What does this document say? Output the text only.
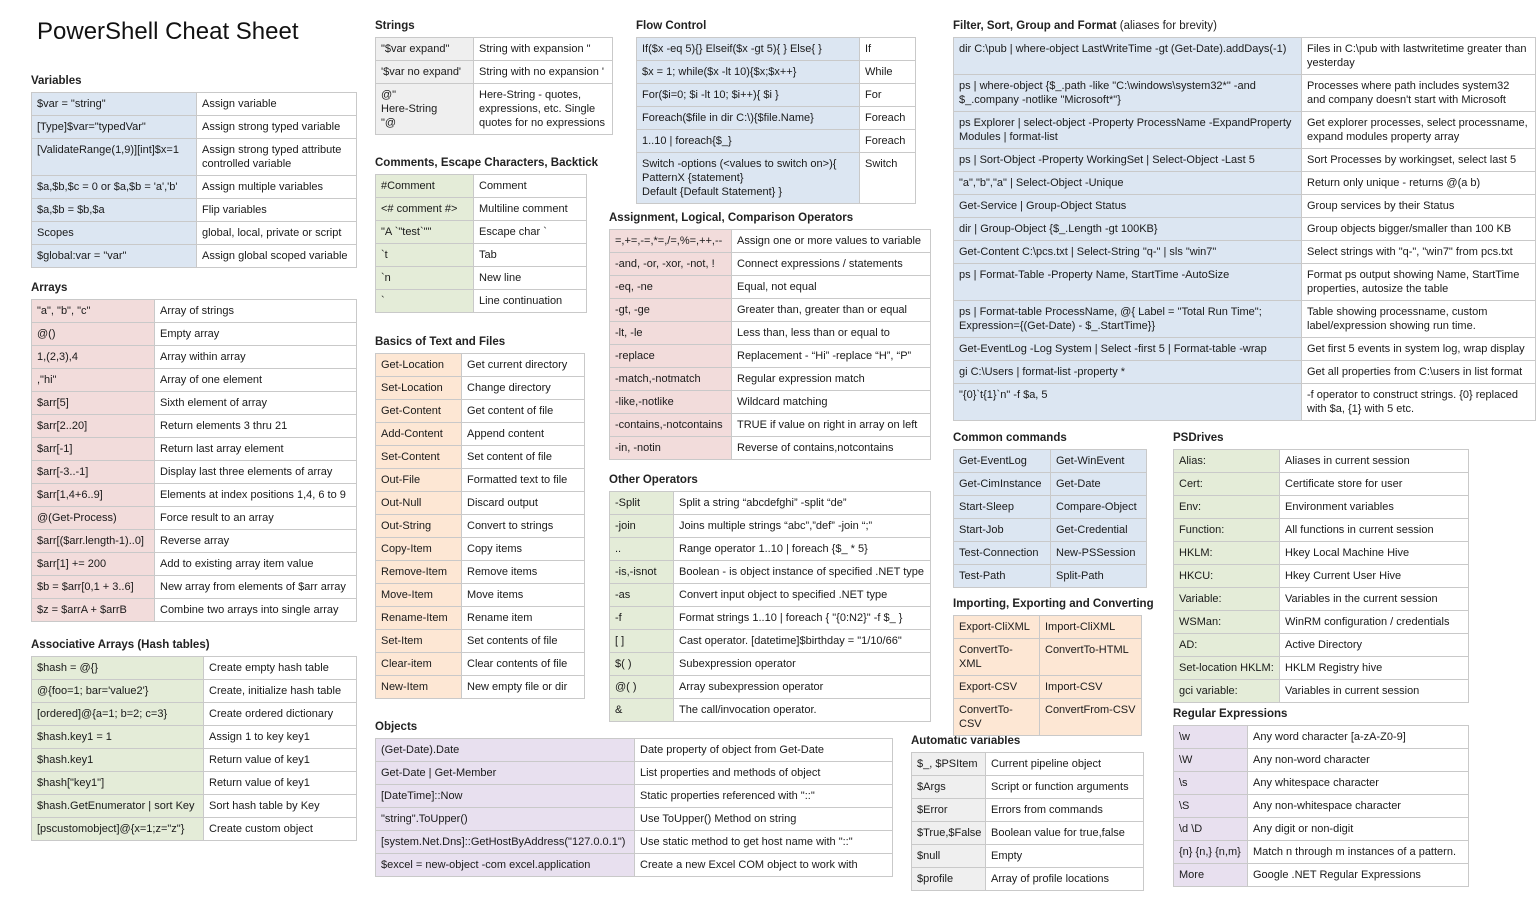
PowerShell Cheat Sheet
Variables
$var = "string"	Assign variable
[Type]$var="typedVar"	Assign strong typed variable
[ValidateRange(1,9)][int]$x=1	Assign strong typed attribute controlled variable
$a,$b,$c = 0 or $a,$b = 'a','b'	Assign multiple variables
$a,$b = $b,$a	Flip variables
Scopes	global, local, private or script
$global:var = "var"	Assign global scoped variable
Arrays
"a", "b", "c"	Array of strings
@()	Empty array
1,(2,3),4	Array within array
,"hi"	Array of one element
$arr[5]	Sixth element of array
$arr[2..20]	Return elements 3 thru 21
$arr[-1]	Return last array element
$arr[-3..-1]	Display last three elements of array
$arr[1,4+6..9]	Elements at index positions 1,4, 6 to 9
@(Get-Process)	Force result to an array
$arr[($arr.length-1)..0]	Reverse array
$arr[1] += 200	Add to existing array item value
$b = $arr[0,1 + 3..6]	New array from elements of $arr array
$z = $arrA + $arrB	Combine two arrays into single array
Associative Arrays (Hash tables)
$hash = @{}	Create empty hash table
@{foo=1; bar='value2'}	Create, initialize hash table
[ordered]@{a=1; b=2; c=3}	Create ordered dictionary
$hash.key1 = 1	Assign 1 to key key1
$hash.key1	Return value of key1
$hash["key1"]	Return value of key1
$hash.GetEnumerator | sort Key	Sort hash table by Key
[pscustomobject]@{x=1;z="z"}	Create custom object
Strings
"$var expand"	String with expansion "
'$var no expand'	String with no expansion '
@"
Here-String
"@	Here-String - quotes, expressions, etc. Single quotes for no expressions
Comments, Escape Characters, Backtick
#Comment	Comment
<# comment #>	Multiline comment
"A `"test`""	Escape char `
`t	Tab
`n	New line
`	Line continuation
Basics of Text and Files
Get-Location	Get current directory
Set-Location	Change directory
Get-Content	Get content of file
Add-Content	Append content
Set-Content	Set content of file
Out-File	Formatted text to file
Out-Null	Discard output
Out-String	Convert to strings
Copy-Item	Copy items
Remove-Item	Remove items
Move-Item	Move items
Rename-Item	Rename item
Set-Item	Set contents of file
Clear-item	Clear contents of file
New-Item	New empty file or dir
Objects
(Get-Date).Date	Date property of object from Get-Date
Get-Date | Get-Member	List properties and methods of object
[DateTime]::Now	Static properties referenced with "::"
"string".ToUpper()	Use ToUpper() Method on string
[system.Net.Dns]::GetHostByAddress("127.0.0.1")	Use static method to get host name with "::"
$excel = new-object -com excel.application	Create a new Excel COM object to work with
Flow Control
If($x -eq 5){} Elseif($x -gt 5){ } Else{ }	If
$x = 1; while($x -lt 10){$x;$x++}	While
For($i=0; $i -lt 10; $i++){ $i }	For
Foreach($file in dir C:\){$file.Name}	Foreach
1..10 | foreach{$_}	Foreach
Switch -options (<values to switch on>){
PatternX {statement}
Default {Default Statement} }	Switch
Assignment, Logical, Comparison Operators
=,+=,-=,*=,/=,%=,++,--	Assign one or more values to variable
-and, -or, -xor, -not, !	Connect expressions / statements
-eq, -ne	Equal, not equal
-gt, -ge	Greater than, greater than or equal
-lt, -le	Less than, less than or equal to
-replace	Replacement - “Hi” -replace “H”, “P”
-match,-notmatch	Regular expression match
-like,-notlike	Wildcard matching
-contains,-notcontains	TRUE if value on right in array on left
-in, -notin	Reverse of contains,notcontains
Other Operators
-Split	Split a string “abcdefghi” -split “de”
-join	Joins multiple strings “abc”,”def” -join “;”
..	Range operator 1..10 | foreach {$_ * 5}
-is,-isnot	Boolean - is object instance of specified .NET type
-as	Convert input object to specified .NET type
-f	Format strings 1..10 | foreach { "{0:N2}" -f $_ }
[ ]	Cast operator. [datetime]$birthday = "1/10/66"
$( )	Subexpression operator
@( )	Array subexpression operator
&	The call/invocation operator.
Automatic variables
$_, $PSItem	Current pipeline object
$Args	Script or function arguments
$Error	Errors from commands
$True,$False	Boolean value for true,false
$null	Empty
$profile	Array of profile locations
Filter, Sort, Group and Format (aliases for brevity)
dir C:\pub | where-object LastWriteTime -gt (Get-Date).addDays(-1)	Files in C:\pub with lastwritetime greater than yesterday
ps | where-object {$_.path -like "C:\windows\system32*" -and $_.company -notlike "Microsoft*"}	Processes where path includes system32 and company doesn't start with Microsoft
ps Explorer | select-object -Property ProcessName -ExpandProperty Modules | format-list	Get explorer processes, select processname, expand modules property array
ps | Sort-Object -Property WorkingSet | Select-Object -Last 5	Sort Processes by workingset, select last 5
"a","b","a" | Select-Object -Unique	Return only unique - returns @(a b)
Get-Service | Group-Object Status	Group services by their Status
dir | Group-Object {$_.Length -gt 100KB}	Group objects bigger/smaller than 100 KB
Get-Content C:\pcs.txt | Select-String "q-" | sls "win7"	Select strings with "q-", "win7" from pcs.txt
ps | Format-Table -Property Name, StartTime -AutoSize	Format ps output showing Name, StartTime properties, autosize the table
ps | Format-table ProcessName, @{ Label = "Total Run Time"; Expression={(Get-Date) - $_.StartTime}}	Table showing processname, custom label/expression showing run time.
Get-EventLog -Log System | Select -first 5 | Format-table -wrap	Get first 5 events in system log, wrap display
gi C:\Users | format-list -property *	Get all properties from C:\users in list format
"{0}`t{1}`n" -f $a, 5	-f operator to construct strings. {0} replaced with $a, {1} with 5 etc.
Common commands
Get-EventLog	Get-WinEvent
Get-CimInstance	Get-Date
Start-Sleep	Compare-Object
Start-Job	Get-Credential
Test-Connection	New-PSSession
Test-Path	Split-Path
Importing, Exporting and Converting
Export-CliXML	Import-CliXML
ConvertTo-XML	ConvertTo-HTML
Export-CSV	Import-CSV
ConvertTo-CSV	ConvertFrom-CSV
PSDrives
Alias:	Aliases in current session
Cert:	Certificate store for user
Env:	Environment variables
Function:	All functions in current session
HKLM:	Hkey Local Machine Hive
HKCU:	Hkey Current User Hive
Variable:	Variables in the current session
WSMan:	WinRM configuration / credentials
AD:	Active Directory
Set-location HKLM:	HKLM Registry hive
gci variable:	Variables in current session
Regular Expressions
\w	Any word character [a-zA-Z0-9]
\W	Any non-word character
\s	Any whitespace character
\S	Any non-whitespace character
\d \D	Any digit or non-digit
{n} {n,} {n,m}	Match n through m instances of a pattern.
More	Google .NET Regular Expressions
